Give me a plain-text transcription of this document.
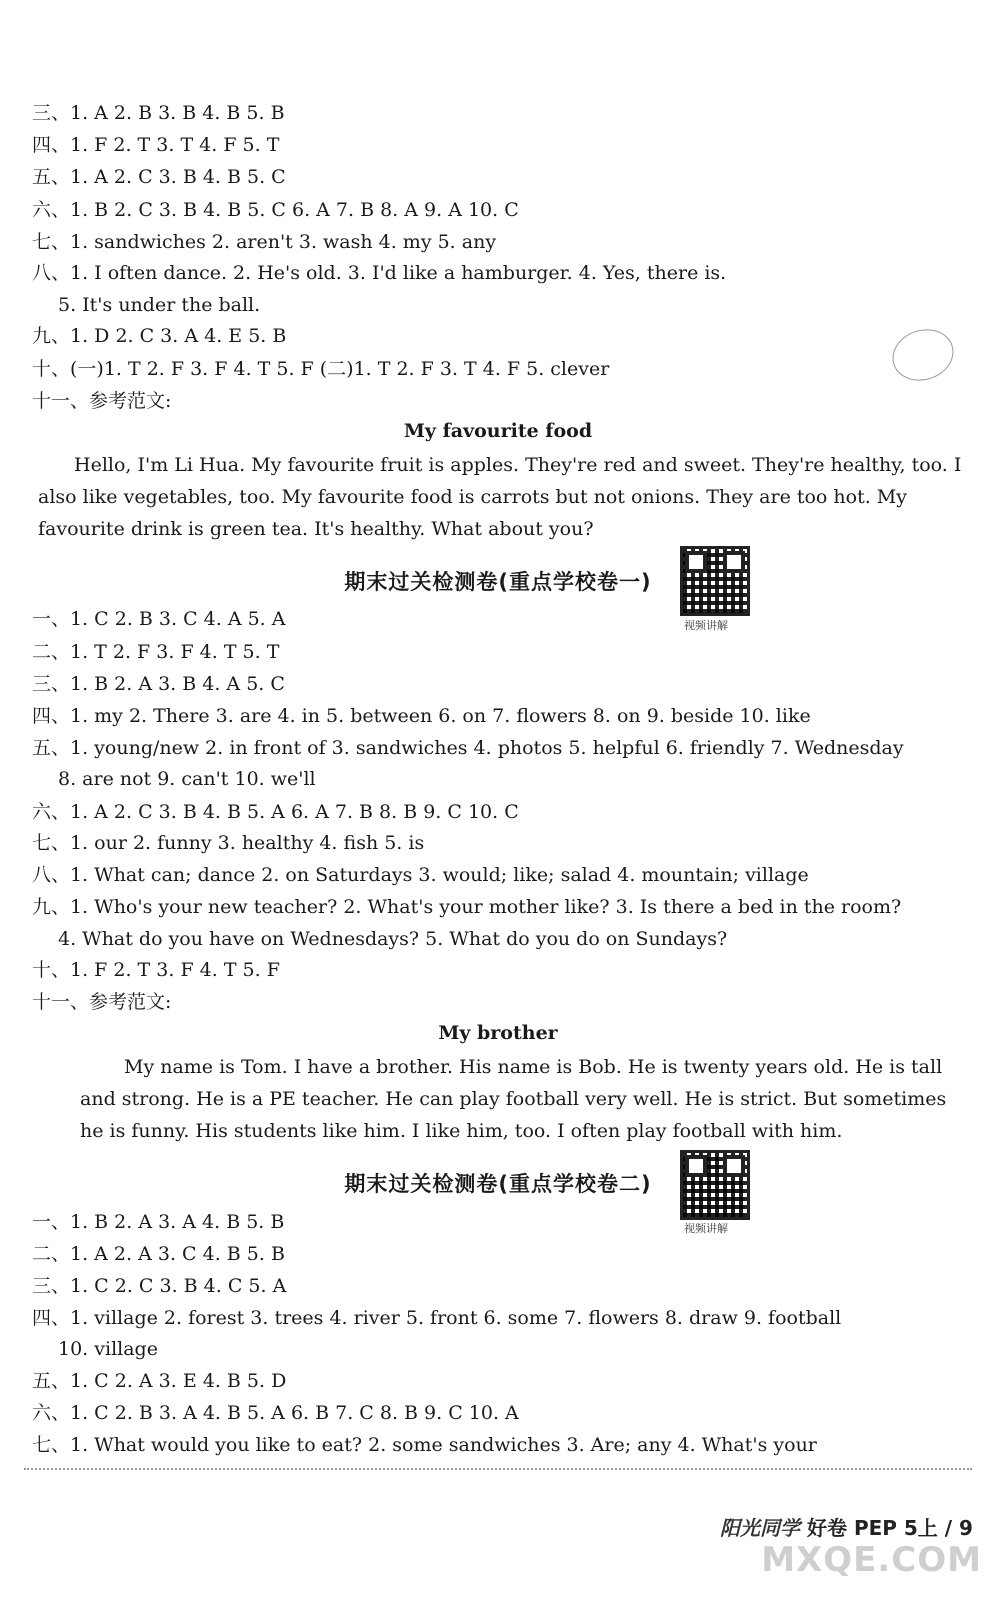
三、1. A 2. B 3. B 4. B 5. B
四、1. F 2. T 3. T 4. F 5. T
五、1. A 2. C 3. B 4. B 5. C
六、1. B 2. C 3. B 4. B 5. C 6. A 7. B 8. A 9. A 10. C
七、1. sandwiches 2. aren't 3. wash 4. my 5. any
八、1. I often dance. 2. He's old. 3. I'd like a hamburger. 4. Yes, there is.
5. It's under the ball.
九、1. D 2. C 3. A 4. E 5. B
十、(一)1. T 2. F 3. F 4. T 5. F (二)1. T 2. F 3. T 4. F 5. clever
十一、参考范文:
一、1. C 2. B 3. C 4. A 5. A
二、1. T 2. F 3. F 4. T 5. T
三、1. B 2. A 3. B 4. A 5. C
四、1. my 2. There 3. are 4. in 5. between 6. on 7. flowers 8. on 9. beside 10. like
五、1. young/new 2. in front of 3. sandwiches 4. photos 5. helpful 6. friendly 7. Wednesday
8. are not 9. can't 10. we'll
六、1. A 2. C 3. B 4. B 5. A 6. A 7. B 8. B 9. C 10. C
七、1. our 2. funny 3. healthy 4. fish 5. is
八、1. What can; dance 2. on Saturdays 3. would; like; salad 4. mountain; village
九、1. Who's your new teacher? 2. What's your mother like? 3. Is there a bed in the room?
4. What do you have on Wednesdays? 5. What do you do on Sundays?
十、1. F 2. T 3. F 4. T 5. F
十一、参考范文:
一、1. B 2. A 3. A 4. B 5. B
二、1. A 2. A 3. C 4. B 5. B
三、1. C 2. C 3. B 4. C 5. A
四、1. village 2. forest 3. trees 4. river 5. front 6. some 7. flowers 8. draw 9. football
10. village
五、1. C 2. A 3. E 4. B 5. D
六、1. C 2. B 3. A 4. B 5. A 6. B 7. C 8. B 9. C 10. A
七、1. What would you like to eat? 2. some sandwiches 3. Are; any 4. What's your
My favourite food
Hello, I'm Li Hua. My favourite fruit is apples. They're red and sweet. They're healthy, too. I also like vegetables, too. My favourite food is carrots but not onions. They are too hot. My favourite drink is green tea. It's healthy. What about you?
期末过关检测卷(重点学校卷一)
视频讲解
My brother
My name is Tom. I have a brother. His name is Bob. He is twenty years old. He is tall and strong. He is a PE teacher. He can play football very well. He is strict. But sometimes he is funny. His students like him. I like him, too. I often play football with him.
期末过关检测卷(重点学校卷二)
视频讲解
阳光同学 好卷 PEP 5上 / 9
MXQE.COM
